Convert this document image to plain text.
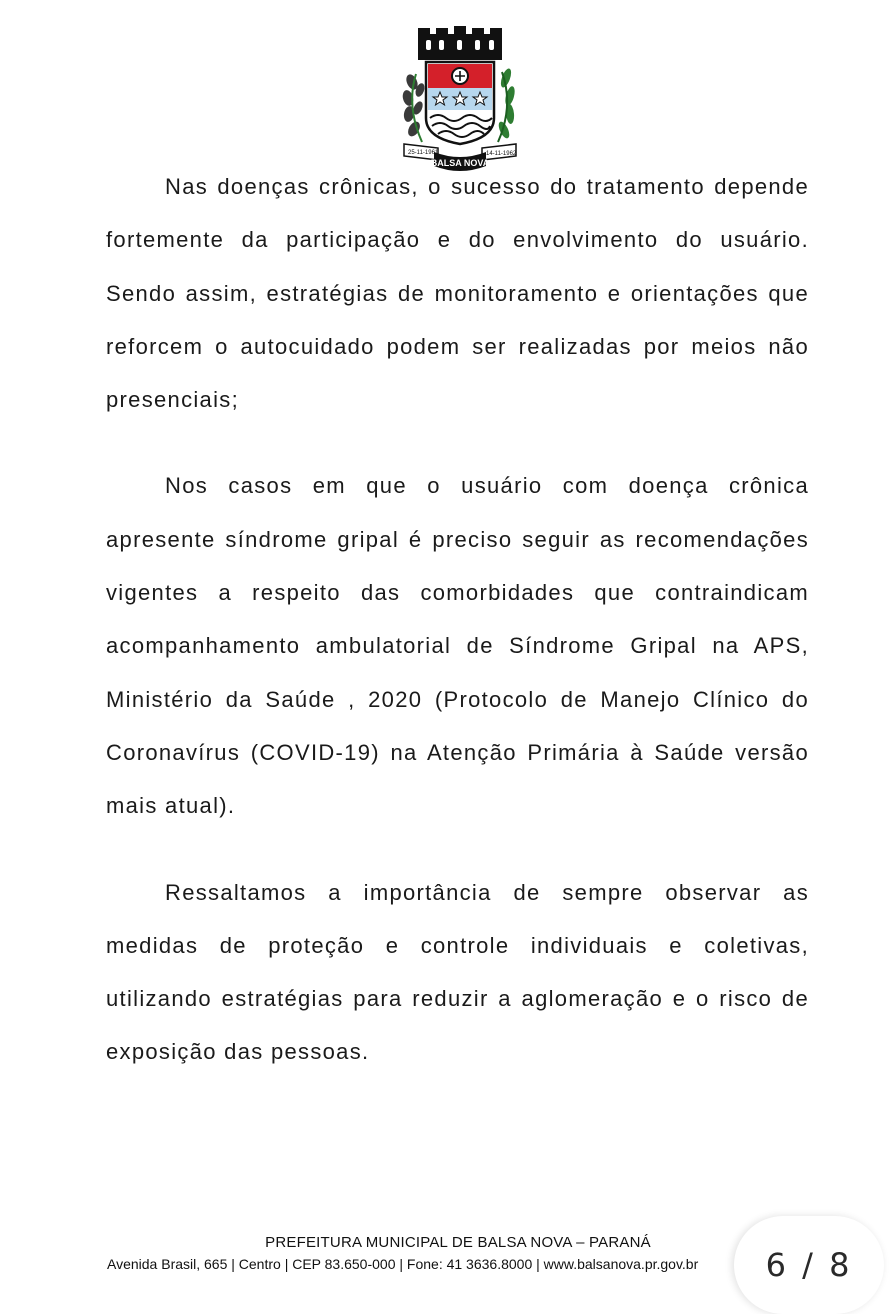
25-11-1961	14-11-1962
BALSA NOVA

Nas doenças crônicas, o sucesso do tratamento depende fortemente da participação e do envolvimento do usuário. Sendo assim, estratégias de monitoramento e orientações que reforcem o autocuidado podem ser realizadas por meios não presenciais;

Nos casos em que o usuário com doença crônica apresente síndrome gripal é preciso seguir as recomendações vigentes a respeito das comorbidades que contraindicam acompanhamento ambulatorial de Síndrome Gripal na APS, Ministério da Saúde , 2020 (Protocolo de Manejo Clínico do Coronavírus (COVID-19) na Atenção Primária à Saúde versão mais atual).

Ressaltamos a importância de sempre observar as medidas de proteção e controle individuais e coletivas, utilizando estratégias para reduzir a aglomeração e o risco de exposição das pessoas.

PREFEITURA MUNICIPAL DE BALSA NOVA – PARANÁ
Avenida Brasil, 665 | Centro | CEP 83.650-000 | Fone: 41 3636.8000 | www.balsanova.pr.gov.br	6 / 8
